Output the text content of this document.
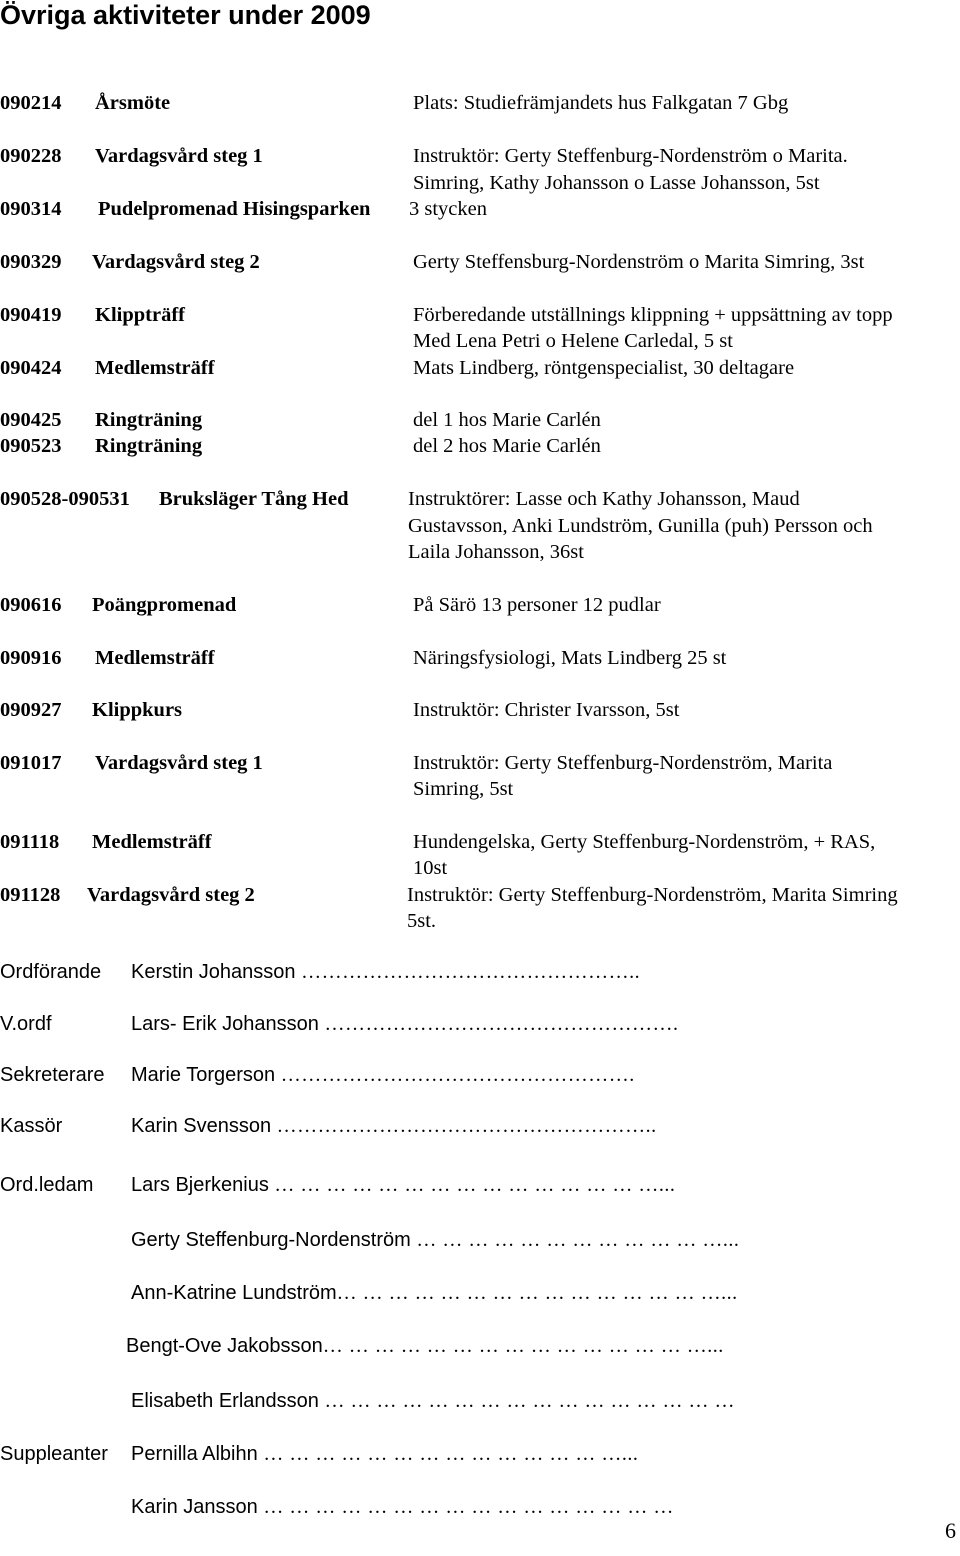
Övriga aktiviteter under 2009
090214 Årsmöte	Plats: Studiefrämjandets hus Falkgatan 7 Gbg
090228 Vardagsvård steg 1	Instruktör: Gerty Steffenburg-Nordenström o Marita.
Simring, Kathy Johansson o Lasse Johansson, 5st
090314 Pudelpromenad Hisingsparken 3 stycken
090329 Vardagsvård steg 2	Gerty Steffensburg-Nordenström o Marita Simring, 3st
090419 Klippträff	Förberedande utställnings klippning + uppsättning av topp
Med Lena Petri o Helene Carledal, 5 st
090424 Medlemsträff	Mats Lindberg, röntgenspecialist, 30 deltagare
090425 Ringträning	del 1 hos Marie Carlén
090523 Ringträning	del 2 hos Marie Carlén
090528-090531 Bruksläger Tång Hed	Instruktörer: Lasse och Kathy Johansson, Maud
Gustavsson, Anki Lundström, Gunilla (puh) Persson och
Laila Johansson, 36st
090616 Poängpromenad	På Särö 13 personer 12 pudlar
090916 Medlemsträff	Näringsfysiologi, Mats Lindberg 25 st
090927 Klippkurs	Instruktör: Christer Ivarsson, 5st
091017 Vardagsvård steg 1	Instruktör: Gerty Steffenburg-Nordenström, Marita
Simring, 5st
091118 Medlemsträff	Hundengelska, Gerty Steffenburg-Nordenström, + RAS,
10st
091128 Vardagsvård steg 2	Instruktör: Gerty Steffenburg-Nordenström, Marita Simring
5st.
Ordförande Kerstin Johansson …………………………………………..
V.ordf	Lars- Erik Johansson …………………………………………….
Sekreterare Marie Torgerson …………………………………………….
Kassör	Karin Svensson ………………………………………………..
Ord.ledam Lars Bjerkenius … … … … … … … … … … … … … … …...
Gerty Steffenburg-Nordenström … … … … … … … … … … … …...
Ann-Katrine Lundström… … … … … … … … … … … … … … …...
Bengt-Ove Jakobsson… … … … … … … … … … … … … … …...
Elisabeth Erlandsson … … … … … … … … … … … … … … … …
Suppleanter Pernilla Albihn … … … … … … … … … … … … … …...
Karin Jansson … … … … … … … … … … … … … … … …
6
